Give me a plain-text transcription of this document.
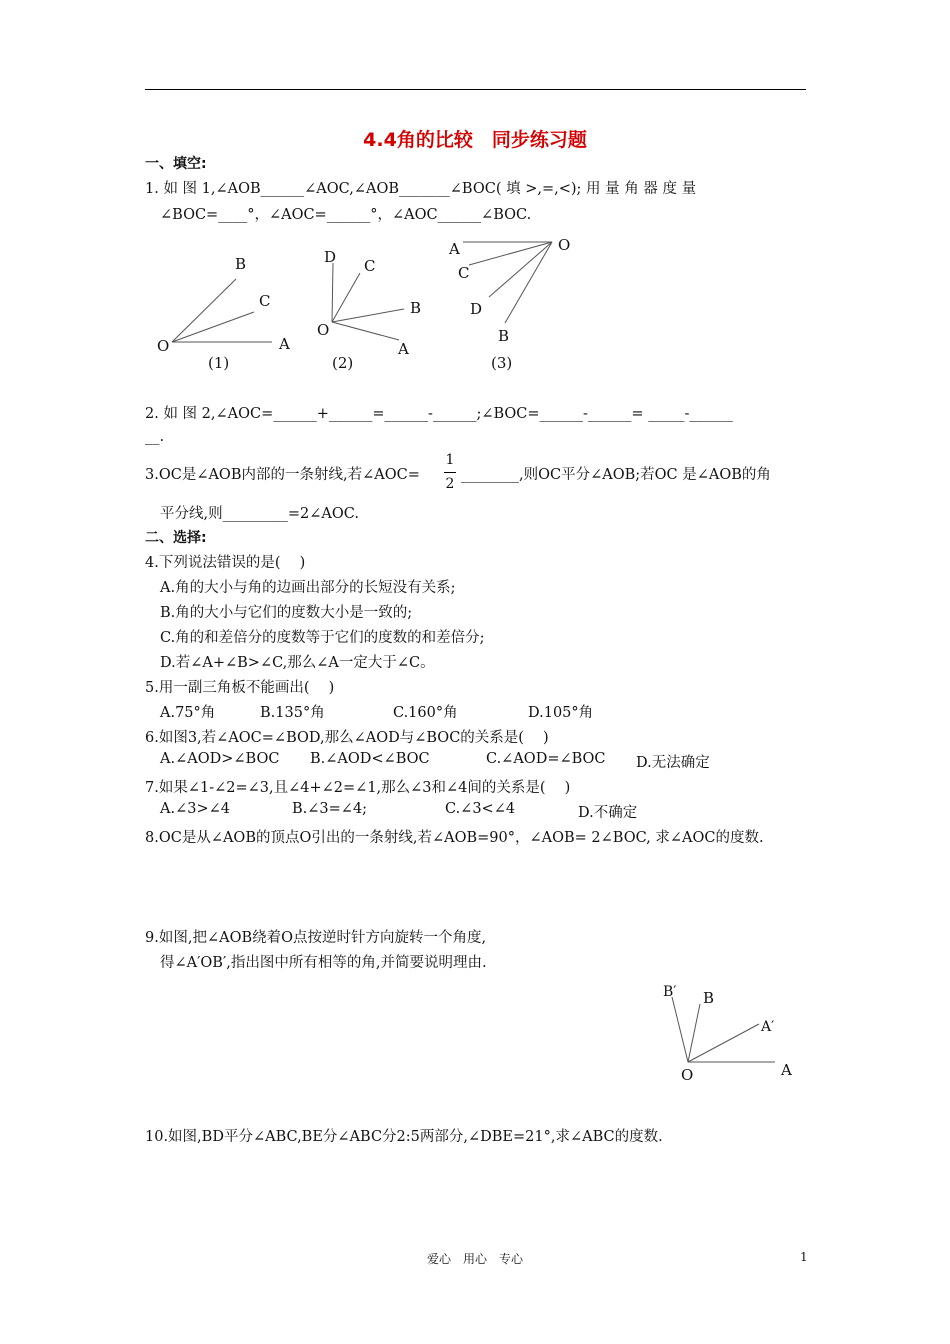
4.4角的比较　同步练习题
一、填空:
1. 如 图 1,∠AOB______∠AOC,∠AOB_______∠BOC( 填 >,=,<); 用 量 角 器 度 量
∠BOC=____°，∠AOC=______°，∠AOC______∠BOC.
B
C
O	A
(1)
D C
B
O
A
(2)
A	O
C
D
B
(3)
2. 如 图 2,∠AOC=______+______=______-______;∠BOC=______-______= _____-______
__.
3.OC是∠AOB内部的一条射线,若∠AOC=
1
2
________,则OC平分∠AOB;若OC 是∠AOB的角
平分线,则_________=2∠AOC.
二、选择:
4.下列说法错误的是(　 )
A.角的大小与角的边画出部分的长短没有关系;
B.角的大小与它们的度数大小是一致的;
C.角的和差倍分的度数等于它们的度数的和差倍分;
D.若∠A+∠B>∠C,那么∠A一定大于∠C。
5.用一副三角板不能画出(　 )
A.75°角	B.135°角	C.160°角	D.105°角
6.如图3,若∠AOC=∠BOD,那么∠AOD与∠BOC的关系是(　 )
A.∠AOD>∠BOC B.∠AOD<∠BOC	C.∠AOD=∠BOC D.无法确定
7.如果∠1-∠2=∠3,且∠4+∠2=∠1,那么∠3和∠4间的关系是(　 )
A.∠3>∠4	B.∠3=∠4;	C.∠3<∠4	D.不确定
8.OC是从∠AOB的顶点O引出的一条射线,若∠AOB=90°，∠AOB= 2∠BOC, 求∠AOC的度数.
9.如图,把∠AOB绕着O点按逆时针方向旋转一个角度,
得∠A′OB′,指出图中所有相等的角,并简要说明理由.
B′ B
A′
O	A
10.如图,BD平分∠ABC,BE分∠ABC分2:5两部分,∠DBE=21°,求∠ABC的度数.
爱心　用心　专心	1
